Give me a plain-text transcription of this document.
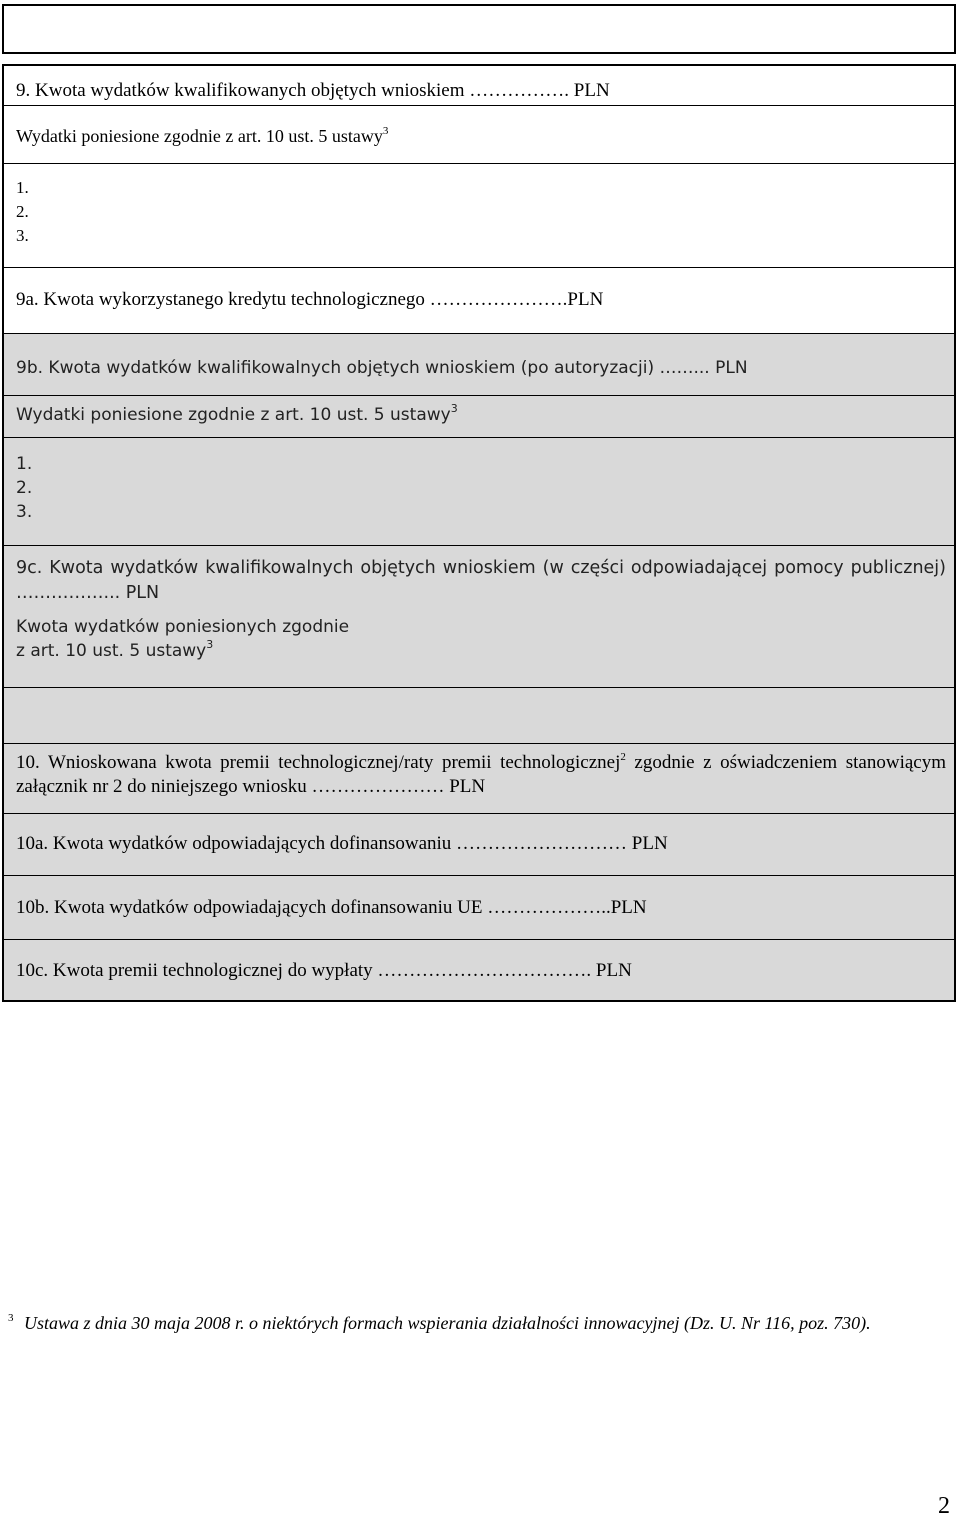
9. Kwota wydatków kwalifikowanych objętych wnioskiem ……………. PLN
Wydatki poniesione zgodnie z art. 10 ust. 5 ustawy$^3$
1.
2.
3.
9a. Kwota wykorzystanego kredytu technologicznego ………………….PLN
9b. Kwota wydatków kwalifikowalnych objętych wnioskiem (po autoryzacji) ……... PLN
Wydatki poniesione zgodnie z art. 10 ust. 5 ustawy$^3$
1.
2.
3.
9c. Kwota wydatków kwalifikowalnych objętych wnioskiem (w części odpowiadającej pomocy publicznej) ……………... PLN
Kwota wydatków poniesionych zgodnie
z art. 10 ust. 5 ustawy$^3$
10. Wnioskowana kwota premii technologicznej/raty premii technologicznej$^2$ zgodnie z oświadczeniem stanowiącym załącznik nr 2 do niniejszego wniosku ………………… PLN
10a. Kwota wydatków odpowiadających dofinansowaniu ……………………… PLN
10b. Kwota wydatków odpowiadających dofinansowaniu UE ………………..PLN
10c. Kwota premii technologicznej do wypłaty ……………………………. PLN
$^3$ Ustawa z dnia 30 maja 2008 r. o niektórych formach wspierania działalności innowacyjnej (Dz. U. Nr 116, poz. 730).
2
